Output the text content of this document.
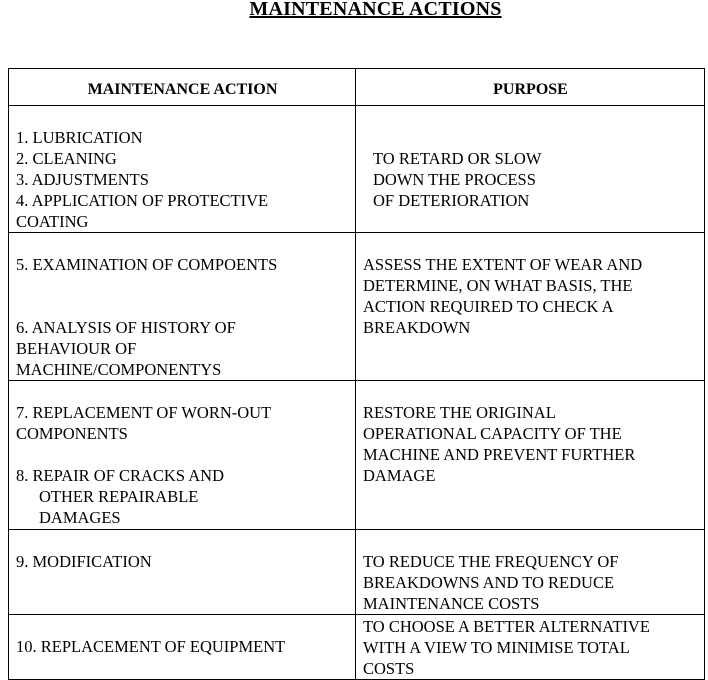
MAINTENANCE ACTIONS
MAINTENANCE ACTION	PURPOSE

1. LUBRICATION
2. CLEANING
3. ADJUSTMENTS
4. APPLICATION OF PROTECTIVE
COATING	TO RETARD OR SLOW
DOWN THE PROCESS
OF DETERIORATION

5. EXAMINATION OF COMPOENTS
6. ANALYSIS OF HISTORY OF
BEHAVIOUR OF
MACHINE/COMPONENTYS	ASSESS THE EXTENT OF WEAR AND
DETERMINE, ON WHAT BASIS, THE
ACTION REQUIRED TO CHECK A
BREAKDOWN

7. REPLACEMENT OF WORN-OUT
COMPONENTS
8. REPAIR OF CRACKS AND
OTHER REPAIRABLE
DAMAGES	RESTORE THE ORIGINAL
OPERATIONAL CAPACITY OF THE
MACHINE AND PREVENT FURTHER
DAMAGE

9. MODIFICATION	TO REDUCE THE FREQUENCY OF
BREAKDOWNS AND TO REDUCE
MAINTENANCE COSTS

10. REPLACEMENT OF EQUIPMENT	TO CHOOSE A BETTER ALTERNATIVE
WITH A VIEW TO MINIMISE TOTAL
COSTS
